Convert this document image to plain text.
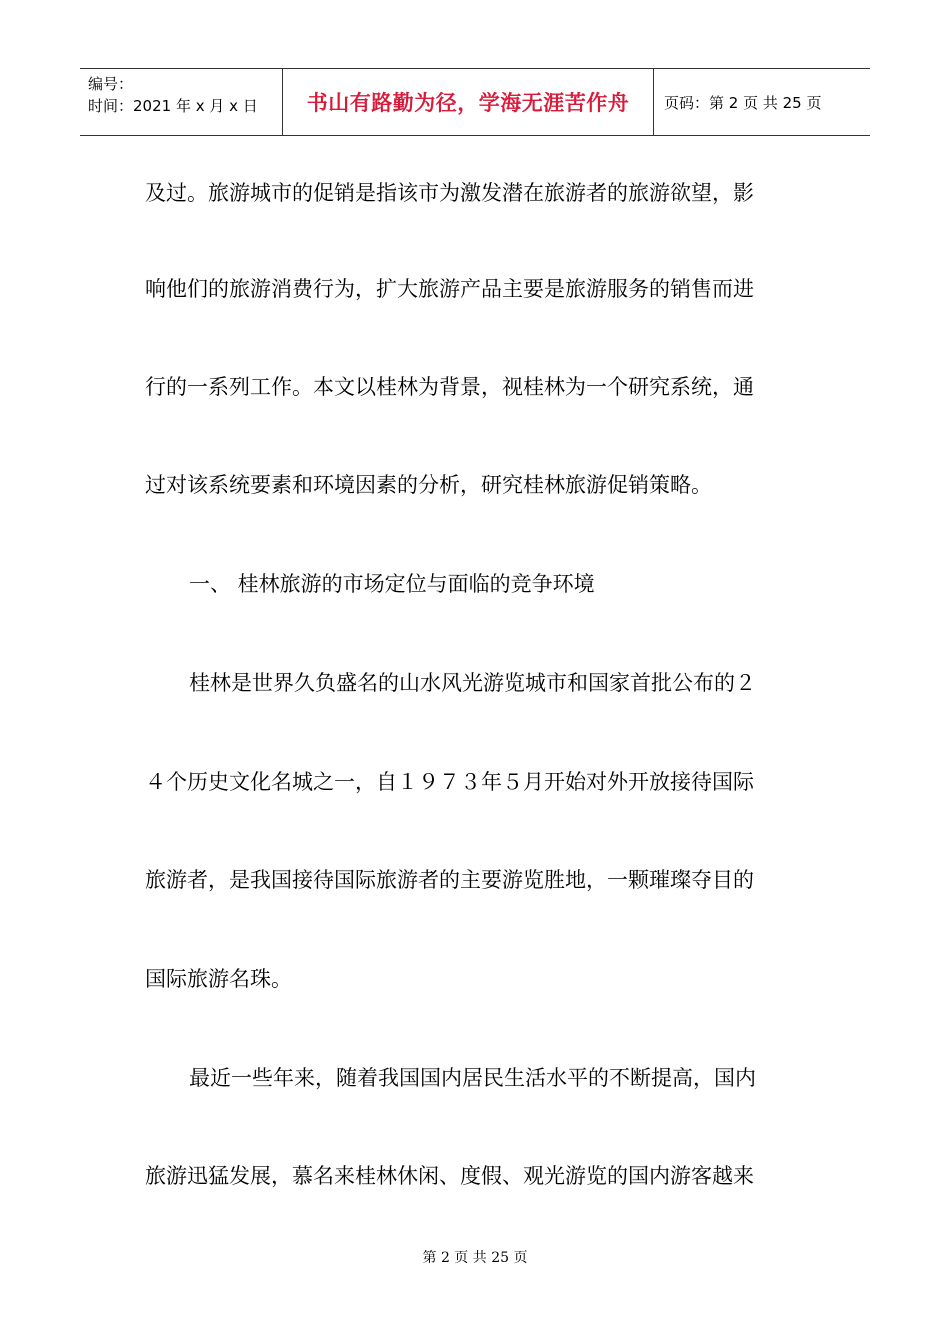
编号：
时间：2021 年 x 月 x 日	书山有路勤为径，学海无涯苦作舟 页码：第 2 页 共 25 页
及过。旅游城市的促销是指该市为激发潜在旅游者的旅游欲望，影
响他们的旅游消费行为，扩大旅游产品主要是旅游服务的销售而进
行的一系列工作。本文以桂林为背景，视桂林为一个研究系统，通
过对该系统要素和环境因素的分析，研究桂林旅游促销策略。
一、 桂林旅游的市场定位与面临的竞争环境
桂林是世界久负盛名的山水风光游览城市和国家首批公布的２
４个历史文化名城之一，自１９７３年５月开始对外开放接待国际
旅游者，是我国接待国际旅游者的主要游览胜地，一颗璀璨夺目的
国际旅游名珠。
最近一些年来，随着我国国内居民生活水平的不断提高，国内
旅游迅猛发展，慕名来桂林休闲、度假、观光游览的国内游客越来
第 2 页 共 25 页
